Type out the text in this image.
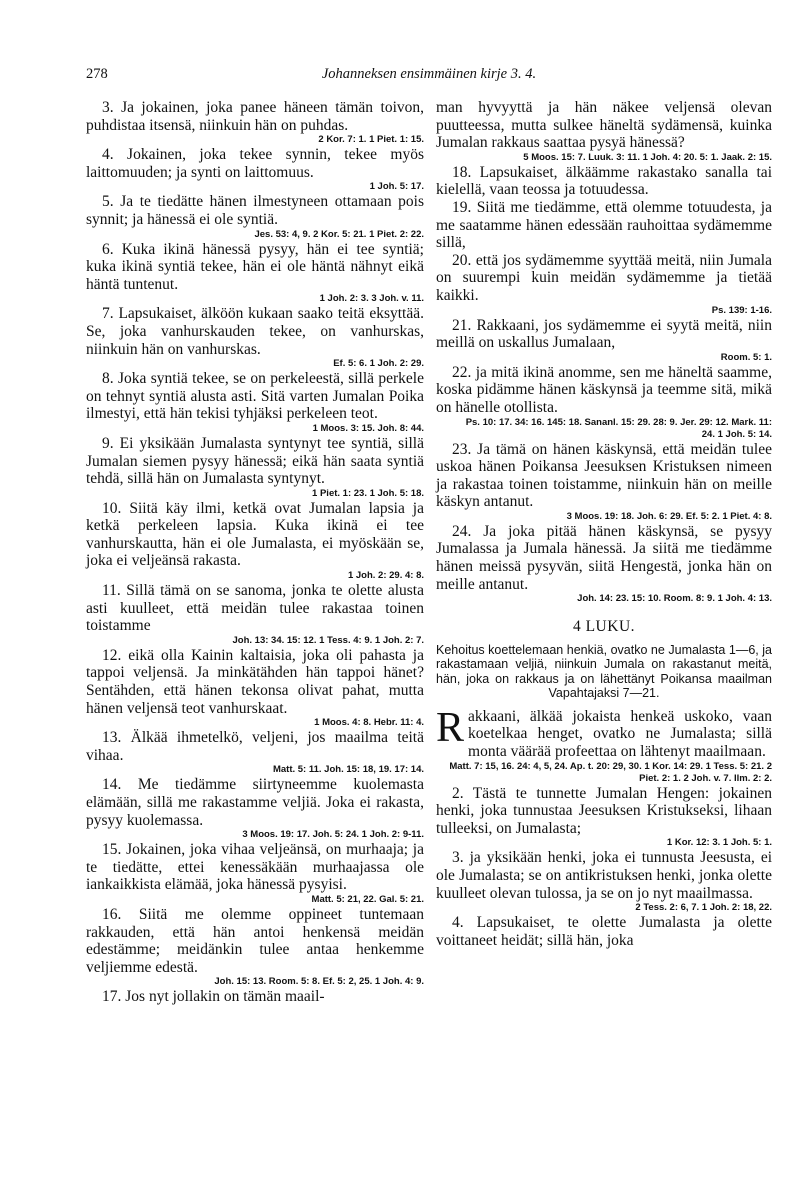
278	Johanneksen ensimmäinen kirje 3. 4.

3. Ja jokainen, joka panee häneen tämän toivon, puhdistaa itsensä, niinkuin hän on puhdas.
2 Kor. 7: 1. 1 Piet. 1: 15.

4. Jokainen, joka tekee synnin, tekee myös laittomuuden; ja synti on laittomuus.
1 Joh. 5: 17.

5. Ja te tiedätte hänen ilmestyneen ottamaan pois synnit; ja hänessä ei ole syntiä.
Jes. 53: 4, 9. 2 Kor. 5: 21. 1 Piet. 2: 22.

6. Kuka ikinä hänessä pysyy, hän ei tee syntiä; kuka ikinä syntiä tekee, hän ei ole häntä nähnyt eikä häntä tuntenut.
1 Joh. 2: 3. 3 Joh. v. 11.

7. Lapsukaiset, älköön kukaan saako teitä eksyttää. Se, joka vanhurskauden tekee, on vanhurskas, niinkuin hän on vanhurskas.
Ef. 5: 6. 1 Joh. 2: 29.

8. Joka syntiä tekee, se on perkeleestä, sillä perkele on tehnyt syntiä alusta asti. Sitä varten Jumalan Poika ilmestyi, että hän tekisi tyhjäksi perkeleen teot.
1 Moos. 3: 15. Joh. 8: 44.

9. Ei yksikään Jumalasta syntynyt tee syntiä, sillä Jumalan siemen pysyy hänessä; eikä hän saata syntiä tehdä, sillä hän on Jumalasta syntynyt.
1 Piet. 1: 23. 1 Joh. 5: 18.

10. Siitä käy ilmi, ketkä ovat Jumalan lapsia ja ketkä perkeleen lapsia. Kuka ikinä ei tee vanhurskautta, hän ei ole Jumalasta, ei myöskään se, joka ei veljeänsä rakasta.
1 Joh. 2: 29. 4: 8.

11. Sillä tämä on se sanoma, jonka te olette alusta asti kuulleet, että meidän tulee rakastaa toinen toistamme
Joh. 13: 34. 15: 12. 1 Tess. 4: 9. 1 Joh. 2: 7.

12. eikä olla Kainin kaltaisia, joka oli pahasta ja tappoi veljensä. Ja minkätähden hän tappoi hänet? Sentähden, että hänen tekonsa olivat pahat, mutta hänen veljensä teot vanhurskaat.
1 Moos. 4: 8. Hebr. 11: 4.

13. Älkää ihmetelkö, veljeni, jos maailma teitä vihaa.
Matt. 5: 11. Joh. 15: 18, 19. 17: 14.

14. Me tiedämme siirtyneemme kuolemasta elämään, sillä me rakastamme veljiä. Joka ei rakasta, pysyy kuolemassa.
3 Moos. 19: 17. Joh. 5: 24. 1 Joh. 2: 9-11.

15. Jokainen, joka vihaa veljeänsä, on murhaaja; ja te tiedätte, ettei kenessäkään murhaajassa ole iankaikkista elämää, joka hänessä pysyisi.
Matt. 5: 21, 22. Gal. 5: 21.

16. Siitä me olemme oppineet tuntemaan rakkauden, että hän antoi henkensä meidän edestämme; meidänkin tulee antaa henkemme veljiemme edestä.
Joh. 15: 13. Room. 5: 8. Ef. 5: 2, 25. 1 Joh. 4: 9.

17. Jos nyt jollakin on tämän maail-

man hyvyyttä ja hän näkee veljensä olevan puutteessa, mutta sulkee häneltä sydämensä, kuinka Jumalan rakkaus saattaa pysyä hänessä?
5 Moos. 15: 7. Luuk. 3: 11. 1 Joh. 4: 20. 5: 1. Jaak. 2: 15.

18. Lapsukaiset, älkäämme rakastako sanalla tai kielellä, vaan teossa ja totuudessa.

19. Siitä me tiedämme, että olemme totuudesta, ja me saatamme hänen edessään rauhoittaa sydämemme sillä,

20. että jos sydämemme syyttää meitä, niin Jumala on suurempi kuin meidän sydämemme ja tietää kaikki.
Ps. 139: 1-16.

21. Rakkaani, jos sydämemme ei syytä meitä, niin meillä on uskallus Jumalaan,
Room. 5: 1.

22. ja mitä ikinä anomme, sen me häneltä saamme, koska pidämme hänen käskynsä ja teemme sitä, mikä on hänelle otollista.
Ps. 10: 17. 34: 16. 145: 18. Sananl. 15: 29. 28: 9. Jer. 29: 12. Mark. 11: 24. 1 Joh. 5: 14.

23. Ja tämä on hänen käskynsä, että meidän tulee uskoa hänen Poikansa Jeesuksen Kristuksen nimeen ja rakastaa toinen toistamme, niinkuin hän on meille käskyn antanut.
3 Moos. 19: 18. Joh. 6: 29. Ef. 5: 2. 1 Piet. 4: 8.

24. Ja joka pitää hänen käskynsä, se pysyy Jumalassa ja Jumala hänessä. Ja siitä me tiedämme hänen meissä pysyvän, siitä Hengestä, jonka hän on meille antanut.
Joh. 14: 23. 15: 10. Room. 8: 9. 1 Joh. 4: 13.

4 LUKU.
Kehoitus koettelemaan henkiä, ovatko ne Jumalasta 1—6, ja rakastamaan veljiä, niinkuin Jumala on rakastanut meitä, hän, joka on rakkaus ja on lähettänyt Poikansa maailman Vapahtajaksi 7—21.
R akkaani, älkää jokaista henkeä uskoko, vaan koetelkaa henget, ovatko ne Jumalasta; sillä monta väärää profeettaa on lähtenyt maailmaan.
Matt. 7: 15, 16. 24: 4, 5, 24. Ap. t. 20: 29, 30. 1 Kor. 14: 29. 1 Tess. 5: 21. 2 Piet. 2: 1. 2 Joh. v. 7. Ilm. 2: 2.

2. Tästä te tunnette Jumalan Hengen: jokainen henki, joka tunnustaa Jeesuksen Kristukseksi, lihaan tulleeksi, on Jumalasta;
1 Kor. 12: 3. 1 Joh. 5: 1.

3. ja yksikään henki, joka ei tunnusta Jeesusta, ei ole Jumalasta; se on antikristuksen henki, jonka olette kuulleet olevan tulossa, ja se on jo nyt maailmassa.
2 Tess. 2: 6, 7. 1 Joh. 2: 18, 22.

4. Lapsukaiset, te olette Jumalasta ja olette voittaneet heidät; sillä hän, joka
